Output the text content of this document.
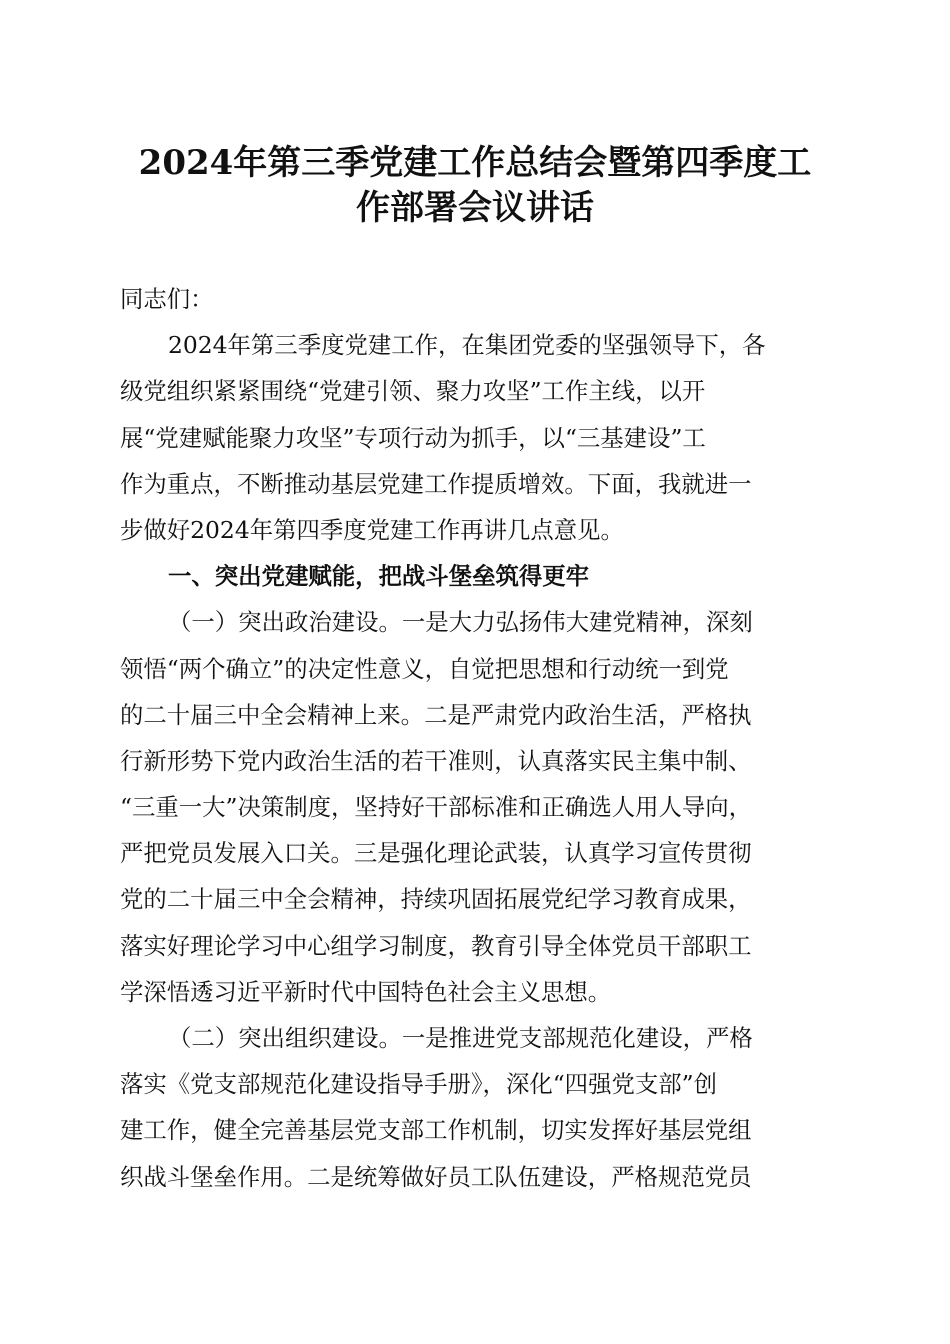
2024年第三季党建工作总结会暨第四季度工
作部署会议讲话
同志们：
2024年第三季度党建工作，在集团党委的坚强领导下，各
级党组织紧紧围绕“党建引领、聚力攻坚”工作主线，以开
展“党建赋能聚力攻坚”专项行动为抓手，以“三基建设”工
作为重点，不断推动基层党建工作提质增效。下面，我就进一
步做好2024年第四季度党建工作再讲几点意见。
一、突出党建赋能，把战斗堡垒筑得更牢
（一）突出政治建设。一是大力弘扬伟大建党精神，深刻
领悟“两个确立”的决定性意义，自觉把思想和行动统一到党
的二十届三中全会精神上来。二是严肃党内政治生活，严格执
行新形势下党内政治生活的若干准则，认真落实民主集中制、
“三重一大”决策制度，坚持好干部标准和正确选人用人导向，
严把党员发展入口关。三是强化理论武装，认真学习宣传贯彻
党的二十届三中全会精神，持续巩固拓展党纪学习教育成果，
落实好理论学习中心组学习制度，教育引导全体党员干部职工
学深悟透习近平新时代中国特色社会主义思想。
（二）突出组织建设。一是推进党支部规范化建设，严格
落实《党支部规范化建设指导手册》，深化“四强党支部”创
建工作，健全完善基层党支部工作机制，切实发挥好基层党组
织战斗堡垒作用。二是统筹做好员工队伍建设，严格规范党员
